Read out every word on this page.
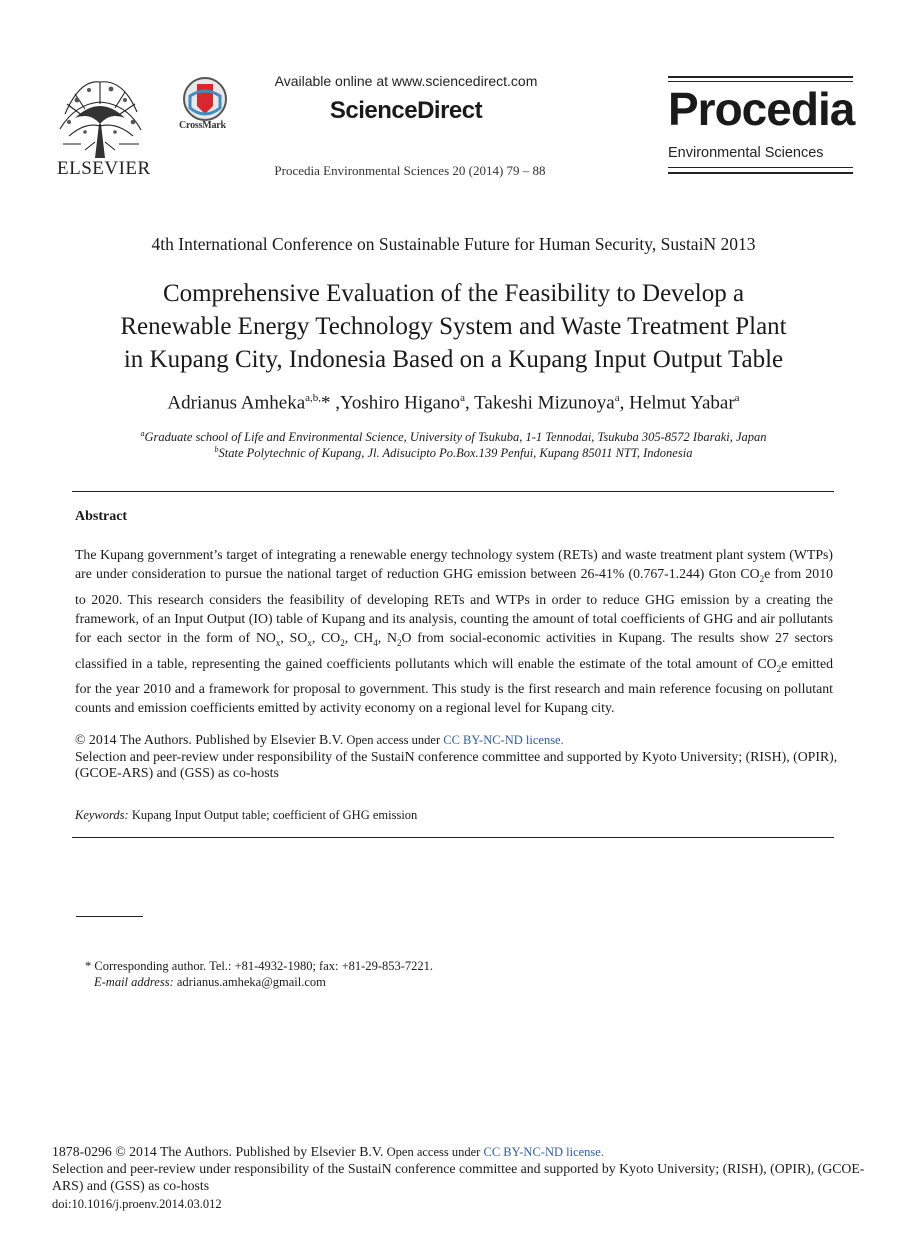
ELSEVIER
CrossMark
Available online at www.sciencedirect.com
ScienceDirect
Procedia Environmental Sciences 20 (2014) 79 – 88
Procedia
Environmental Sciences
4th International Conference on Sustainable Future for Human Security, SustaiN 2013
Comprehensive Evaluation of the Feasibility to Develop a
Renewable Energy Technology System and Waste Treatment Plant
in Kupang City, Indonesia Based on a Kupang Input Output Table
Adrianus Amheka$^{a,b,}$* ,Yoshiro Higano$^a$, Takeshi Mizunoya$^a$, Helmut Yabar$^a$
$^a$Graduate school of Life and Environmental Science, University of Tsukuba, 1-1 Tennodai, Tsukuba 305-8572 Ibaraki, Japan
$^b$State Polytechnic of Kupang, Jl. Adisucipto Po.Box.139 Penfui, Kupang 85011 NTT, Indonesia
Abstract
The Kupang government’s target of integrating a renewable energy technology system (RETs) and waste treatment plant system (WTPs) are under consideration to pursue the national target of reduction GHG emission between 26-41% (0.767-1.244) Gton $CO_2e$ from 2010 to 2020. This research considers the feasibility of developing RETs and WTPs in order to reduce GHG emission by a creating the framework, of an Input Output (IO) table of Kupang and its analysis, counting the amount of total coefficients of GHG and air pollutants for each sector in the form of $NO_x$, $SO_x$, $CO_2$, $CH_4$, $N_2O$ from social-economic activities in Kupang. The results show 27 sectors classified in a table, representing the gained coefficients pollutants which will enable the estimate of the total amount of $CO_2e$ emitted for the year 2010 and a framework for proposal to government. This study is the first research and main reference focusing on pollutant counts and emission coefficients emitted by activity economy on a regional level for Kupang city.
© 2014 The Authors. Published by Elsevier B.V. Open access under CC BY-NC-ND license.
Selection and peer-review under responsibility of the SustaiN conference committee and supported by Kyoto University; (RISH), (OPIR), (GCOE-ARS) and (GSS) as co-hosts
Keywords: Kupang Input Output table; coefficient of GHG emission
* Corresponding author. Tel.: +81-4932-1980; fax: +81-29-853-7221.
E-mail address: adrianus.amheka@gmail.com
1878-0296 © 2014 The Authors. Published by Elsevier B.V. Open access under CC BY-NC-ND license.
Selection and peer-review under responsibility of the SustaiN conference committee and supported by Kyoto University; (RISH), (OPIR), (GCOE-ARS) and (GSS) as co-hosts
doi:10.1016/j.proenv.2014.03.012
